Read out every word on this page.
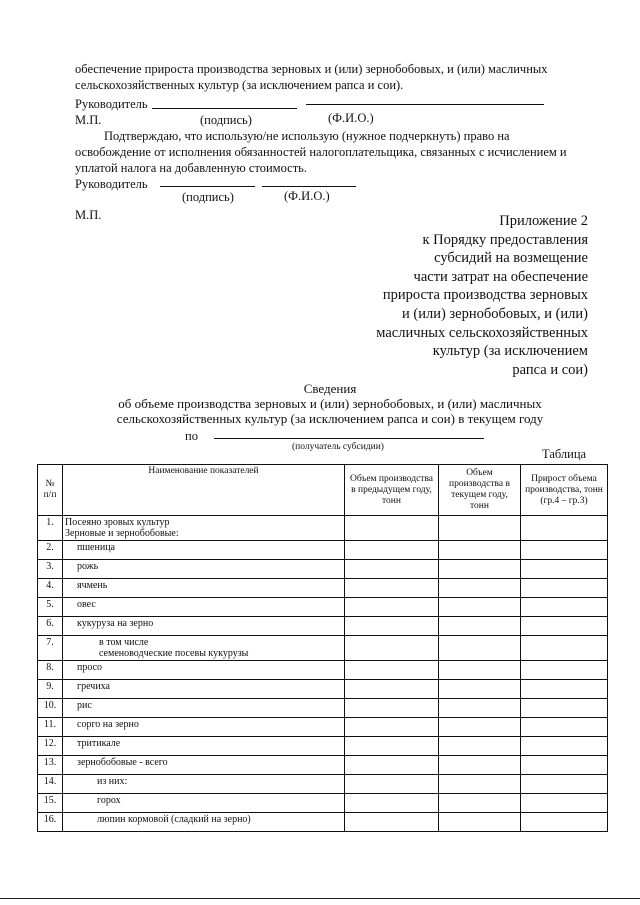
обеспечение прироста производства зерновых и (или) зернобобовых, и (или) масличных
сельскохозяйственных культур (за исключением рапса и сои).
Руководитель
М.П.	(подпись)	(Ф.И.О.)
Подтверждаю, что использую/не использую (нужное подчеркнуть) право на
освобождение от исполнения обязанностей налогоплательщика, связанных с исчислением и
уплатой налога на добавленную стоимость.
Руководитель
(подпись)	(Ф.И.О.)
М.П.	Приложение 2
к Порядку предоставления
субсидий на возмещение
части затрат на обеспечение
прироста производства зерновых
и (или) зернобобовых, и (или)
масличных сельскохозяйственных
культур (за исключением
рапса и сои)
Сведения
об объеме производства зерновых и (или) зернобобовых, и (или) масличных
сельскохозяйственных культур (за исключением рапса и сои) в текущем году
по
(получатель субсидии)	Таблица
№
п/п	Наименование показателей	Объем производства в предыдущем году, тонн	Объем производства в текущем году, тонн	Прирост объема производства, тонн (гр.4 – гр.3)
1.	Посеяно зровых культур
Зерновые и зернобобовые:			

2.	пшеница			
3.	рожь			
4.	ячмень			
5.	овес			
6.	кукуруза на зерно			
7.	в том числе
семеноводческие посевы кукурузы			

8.	просо			
9.	гречиха			
10.	рис			
11.	сорго на зерно			
12.	тритикале			
13.	зернобобовые - всего			
14.	из них:			
15.	горох			
16.	люпин кормовой (сладкий на зерно)			
